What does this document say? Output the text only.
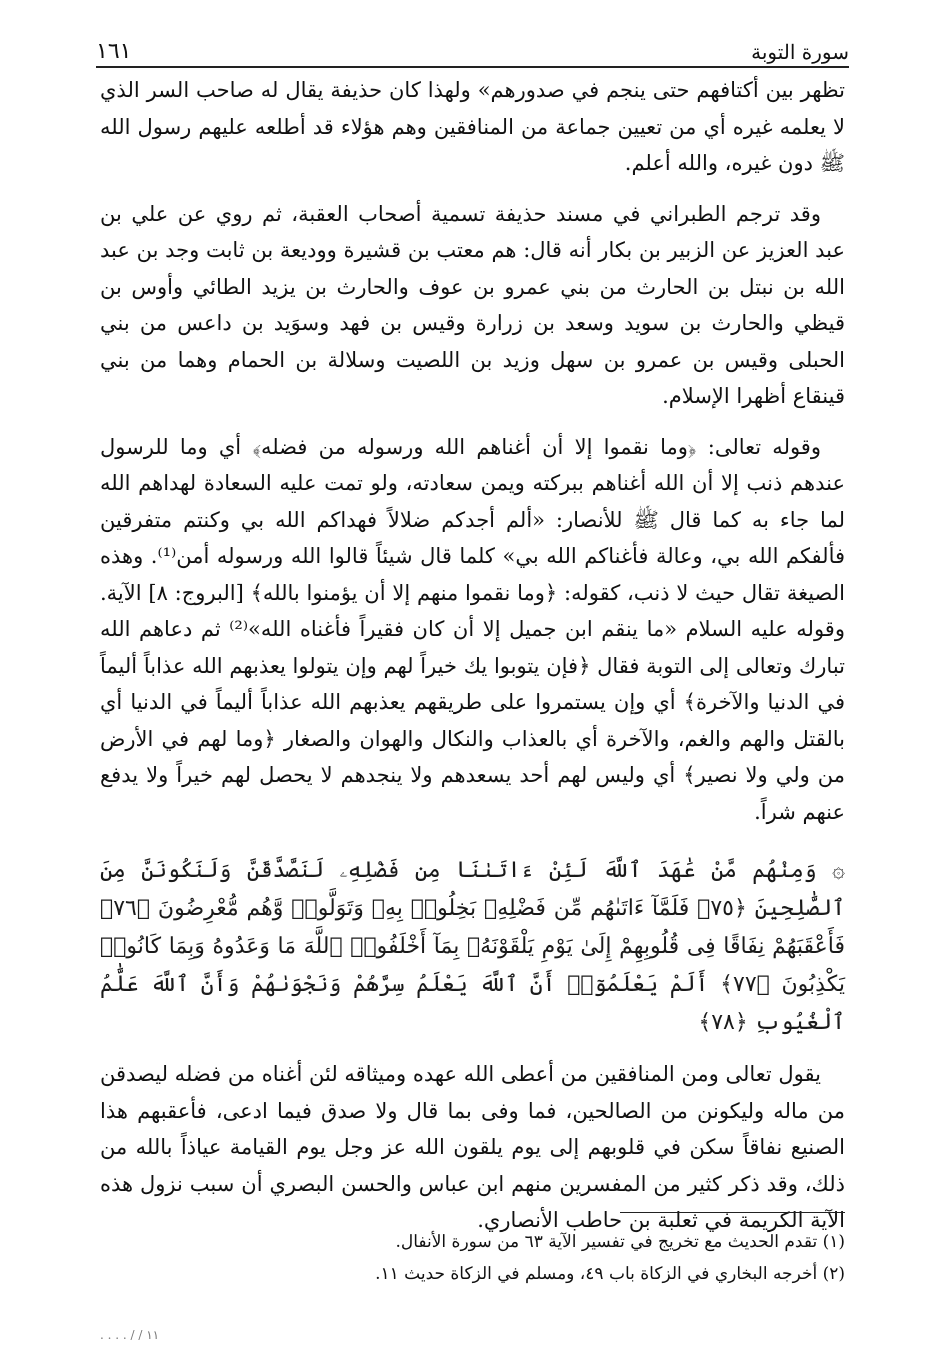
سورة التوبة
١٦١

تظهر بين أكتافهم حتى ينجم في صدورهم» ولهذا كان حذيفة يقال له صاحب السر الذي لا يعلمه غيره أي من تعيين جماعة من المنافقين وهم هؤلاء قد أطلعه عليهم رسول الله ﷺ دون غيره، والله أعلم.

وقد ترجم الطبراني في مسند حذيفة تسمية أصحاب العقبة، ثم روي عن علي بن عبد العزيز عن الزبير بن بكار أنه قال: هم معتب بن قشيرة ووديعة بن ثابت وجد بن عبد الله بن نبتل بن الحارث من بني عمرو بن عوف والحارث بن يزيد الطائي وأوس بن قيظي والحارث بن سويد وسعد بن زرارة وقيس بن فهد وسوَيد بن داعس من بني الحبلى وقيس بن عمرو بن سهل وزيد بن اللصيت وسلالة بن الحمام وهما من بني قينقاع أظهرا الإسلام.

وقوله تعالى: ﴿وما نقموا إلا أن أغناهم الله ورسوله من فضله﴾ أي وما للرسول عندهم ذنب إلا أن الله أغناهم ببركته ويمن سعادته، ولو تمت عليه السعادة لهداهم الله لما جاء به كما قال ﷺ للأنصار: «ألم أجدكم ضلالاً فهداكم الله بي وكنتم متفرقين فألفكم الله بي، وعالة فأغناكم الله بي» كلما قال شيئاً قالوا الله ورسوله أمن⁽¹⁾. وهذه الصيغة تقال حيث لا ذنب، كقوله: ﴿وما نقموا منهم إلا أن يؤمنوا بالله﴾ [البروج: ٨] الآية. وقوله عليه السلام «ما ينقم ابن جميل إلا أن كان فقيراً فأغناه الله»⁽²⁾ ثم دعاهم الله تبارك وتعالى إلى التوبة فقال ﴿فإن يتوبوا يك خيراً لهم وإن يتولوا يعذبهم الله عذاباً أليماً في الدنيا والآخرة﴾ أي وإن يستمروا على طريقهم يعذبهم الله عذاباً أليماً في الدنيا أي بالقتل والهم والغم، والآخرة أي بالعذاب والنكال والهوان والصغار ﴿وما لهم في الأرض من ولي ولا نصير﴾ أي وليس لهم أحد يسعدهم ولا ينجدهم لا يحصل لهم خيراً ولا يدفع عنهم شراً.

۞ وَمِنْهُم مَّنْ عَٰهَدَ ٱللَّهَ لَئِنْ ءَاتَىٰنَا مِن فَضْلِهِۦ لَنَصَّدَّقَنَّ وَلَنَكُونَنَّ مِنَ ٱلصَّٰلِحِينَ ﴿٧٥﴾ فَلَمَّآ ءَاتَىٰهُم مِّن فَضْلِهِۦ بَخِلُوا۟ بِهِۦ وَتَوَلَّوا۟ وَّهُم مُّعْرِضُونَ ﴿٧٦﴾ فَأَعْقَبَهُمْ نِفَاقًا فِى قُلُوبِهِمْ إِلَىٰ يَوْمِ يَلْقَوْنَهُۥ بِمَآ أَخْلَفُوا۟ ٱللَّهَ مَا وَعَدُوهُ وَبِمَا كَانُوا۟ يَكْذِبُونَ ﴿٧٧﴾ أَلَمْ يَعْلَمُوٓا۟ أَنَّ ٱللَّهَ يَعْلَمُ سِرَّهُمْ وَنَجْوَىٰهُمْ وَأَنَّ ٱللَّهَ عَلَّٰمُ ٱلْغُيُوبِ ﴿٧٨﴾

يقول تعالى ومن المنافقين من أعطى الله عهده وميثاقه لئن أغناه من فضله ليصدقن من ماله وليكونن من الصالحين، فما وفى بما قال ولا صدق فيما ادعى، فأعقبهم هذا الصنيع نفاقاً سكن في قلوبهم إلى يوم يلقون الله عز وجل يوم القيامة عياذاً بالله من ذلك، وقد ذكر كثير من المفسرين منهم ابن عباس والحسن البصري أن سبب نزول هذه الآية الكريمة في ثعلبة بن حاطب الأنصاري.

(١) تقدم الحديث مع تخريج في تفسير الآية ٦٣ من سورة الأنفال.
(٢) أخرجه البخاري في الزكاة باب ٤٩، ومسلم في الزكاة حديث ١١.
١١ / / . . . .
